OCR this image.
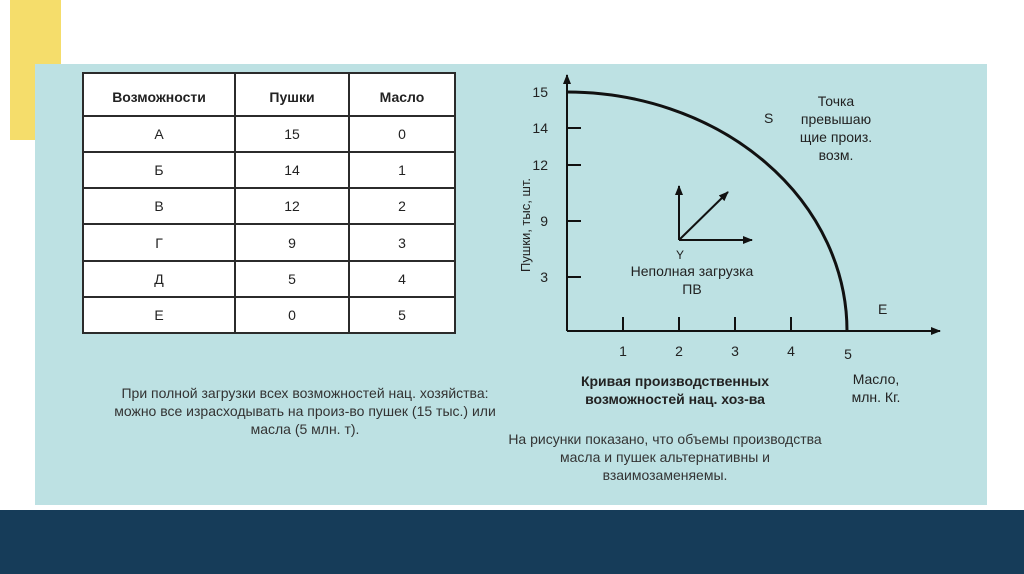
Возможности	Пушки	Масло
А	15	0
Б	14	1
В	12	2
Г	9	3
Д	5	4
Е	0	5
При полной загрузки всех возможностей нац. хозяйства: можно все израсходывать на произ-во пушек (15 тыс.) или масла (5 млн. т).
Кривая производственных возможностей нац. хоз-ва
На рисунки показано, что объемы производства масла и пушек альтернативны и взаимозаменяемы.
1	2	3	4	5
3
9
12
14
15
Пушки, тыс, шт.
Масло,
млн. Кг.
S
E
Y
Точка превышаю щие произ. возм.
Неполная загрузка ПВ
